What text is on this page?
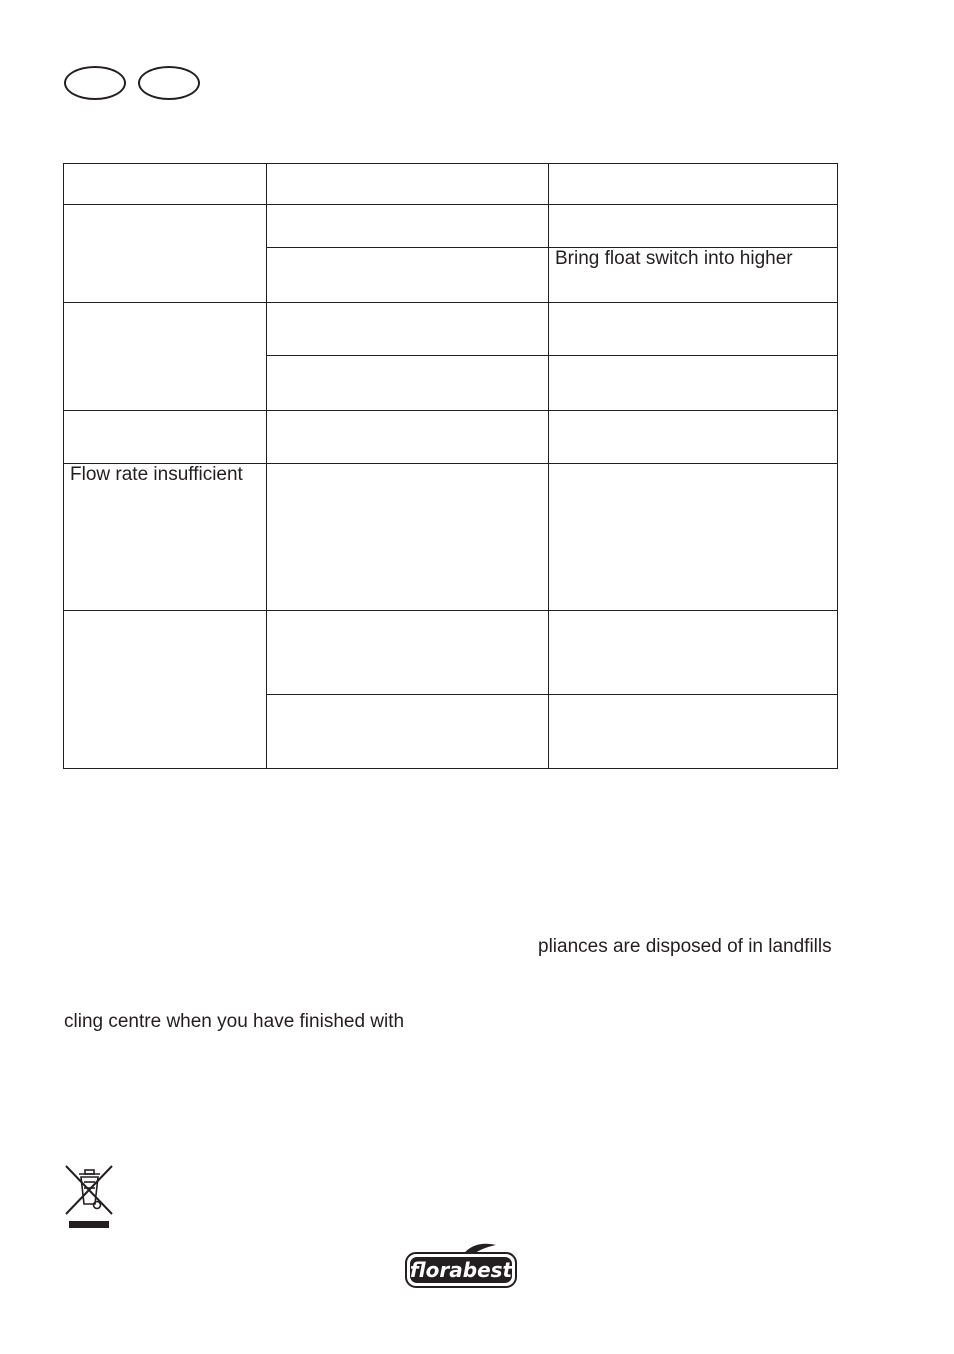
		Bring float switch into higher

Flow rate insufficient		

pliances are disposed of in landfills
cling centre when you have finished with
florabest
